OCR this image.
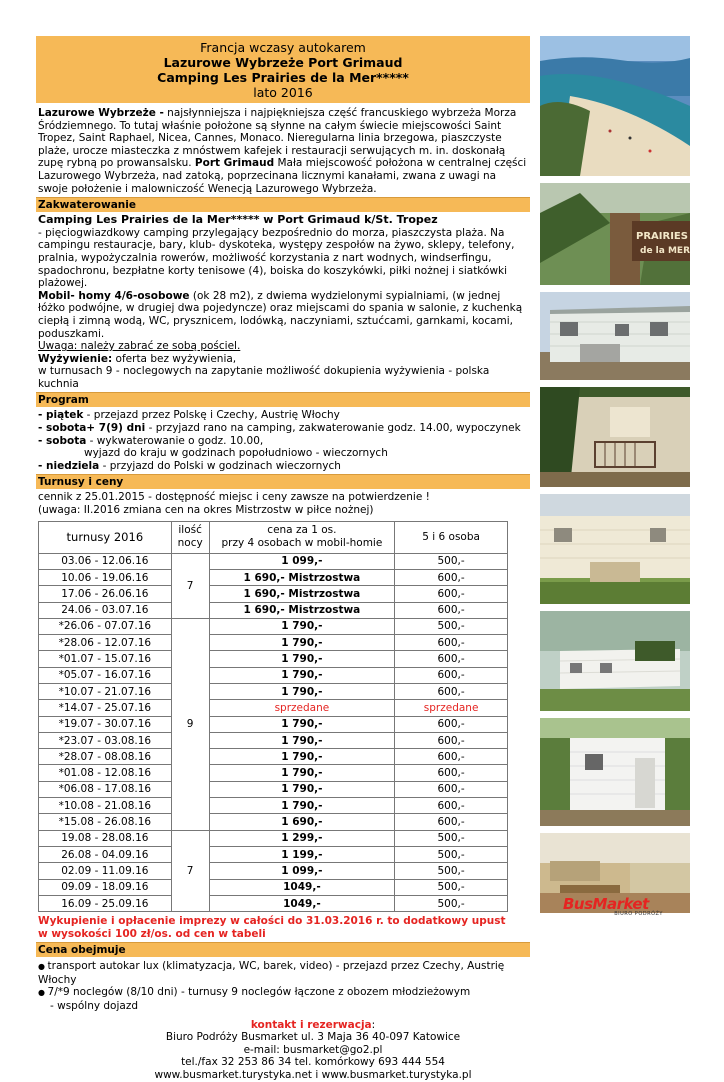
Francja wczasy autokarem
Lazurowe Wybrzeże Port Grimaud
Camping Les Prairies de la Mer*****
lato 2016
Lazurowe Wybrzeże - najsłynniejsza i najpiękniejsza część francuskiego wybrzeża Morza Śródziemnego. To tutaj właśnie położone są słynne na całym świecie miejscowości Saint Tropez, Saint Raphael, Nicea, Cannes, Monaco. Nieregularna linia brzegowa, piaszczyste plaże, urocze miasteczka z mnóstwem kafejek i restauracji serwujących m. in. doskonałą zupę rybną po prowansalsku. Port Grimaud Mała miejscowość położona w centralnej części Lazurowego Wybrzeża, nad zatoką, poprzecinana licznymi kanałami, zwana z uwagi na swoje położenie i malowniczość Wenecją Lazurowego Wybrzeża.
Zakwaterowanie
Camping Les Prairies de la Mer***** w Port Grimaud k/St. Tropez
- pięciogwiazdkowy camping przylegający bezpośrednio do morza, piaszczysta plaża. Na campingu restauracje, bary, klub- dyskoteka, występy zespołów na żywo, sklepy, telefony, pralnia, wypożyczalnia rowerów, możliwość korzystania z nart wodnych, windserfingu, spadochronu, bezpłatne korty tenisowe (4), boiska do koszykówki, piłki nożnej i siatkówki plażowej.
Mobil- homy 4/6-osobowe (ok 28 m2), z dwiema wydzielonymi sypialniami, (w jednej łóżko podwójne, w drugiej dwa pojedyncze) oraz miejscami do spania w salonie, z kuchenką ciepłą i zimną wodą, WC, prysznicem, lodówką, naczyniami, sztućcami, garnkami, kocami, poduszkami.
Uwaga: należy zabrać ze sobą pościel.
Wyżywienie: oferta bez wyżywienia,
w turnusach 9 - noclegowych na zapytanie możliwość dokupienia wyżywienia - polska kuchnia
Program
- piątek - przejazd przez Polskę i Czechy, Austrię Włochy
- sobota+ 7(9) dni - przyjazd rano na camping, zakwaterowanie godz. 14.00, wypoczynek
- sobota - wykwaterowanie o godz. 10.00,
wyjazd do kraju w godzinach popołudniowo - wieczornych
- niedziela - przyjazd do Polski w godzinach wieczornych
Turnusy i ceny
cennik z 25.01.2015 - dostępność miejsc i ceny zawsze na potwierdzenie !
(uwaga: II.2016 zmiana cen na okres Mistrzostw w piłce nożnej)
turnusy 2016	ilość
nocy	cena za 1 os.
przy 4 osobach w mobil-homie	5 i 6 osoba
03.06 - 12.06.16	7	1 099,-	500,-
10.06 - 19.06.16		1 690,- Mistrzostwa	600,-
17.06 - 26.06.16		1 690,- Mistrzostwa	600,-
24.06 - 03.07.16		1 690,- Mistrzostwa	600,-
*26.06 - 07.07.16	9	1 790,-	500,-
*28.06 - 12.07.16		1 790,-	600,-
*01.07 - 15.07.16		1 790,-	600,-
*05.07 - 16.07.16		1 790,-	600,-
*10.07 - 21.07.16		1 790,-	600,-
*14.07 - 25.07.16		sprzedane	sprzedane
*19.07 - 30.07.16		1 790,-	600,-
*23.07 - 03.08.16		1 790,-	600,-
*28.07 - 08.08.16		1 790,-	600,-
*01.08 - 12.08.16		1 790,-	600,-
*06.08 - 17.08.16		1 790,-	600,-
*10.08 - 21.08.16		1 790,-	600,-
*15.08 - 26.08.16		1 690,-	600,-
19.08 - 28.08.16	7	1 299,-	500,-
26.08 - 04.09.16		1 199,-	500,-
02.09 - 11.09.16		1 099,-	500,-
09.09 - 18.09.16		1049,-	500,-
16.09 - 25.09.16		1049,-	500,-
Wykupienie i opłacenie imprezy w całości do 31.03.2016 r. to dodatkowy upust
w wysokości 100 zł/os. od cen w tabeli
Cena obejmuje
● transport autokar lux (klimatyzacja, WC, barek, video) - przejazd przez Czechy, Austrię Włochy
● 7/*9 noclegów (8/10 dni) - turnusy 9 noclegów łączone z obozem młodzieżowym
- wspólny dojazd
kontakt i rezerwacja:
Biuro Podróży Busmarket ul. 3 Maja 36 40-097 Katowice
e-mail: busmarket@go2.pl
tel./fax 32 253 86 34 tel. komórkowy 693 444 554
www.busmarket.turystyka.net i www.busmarket.turystyka.pl

PRAIRIES
de la MER

BusMarket
BIURO PODRÓŻY
